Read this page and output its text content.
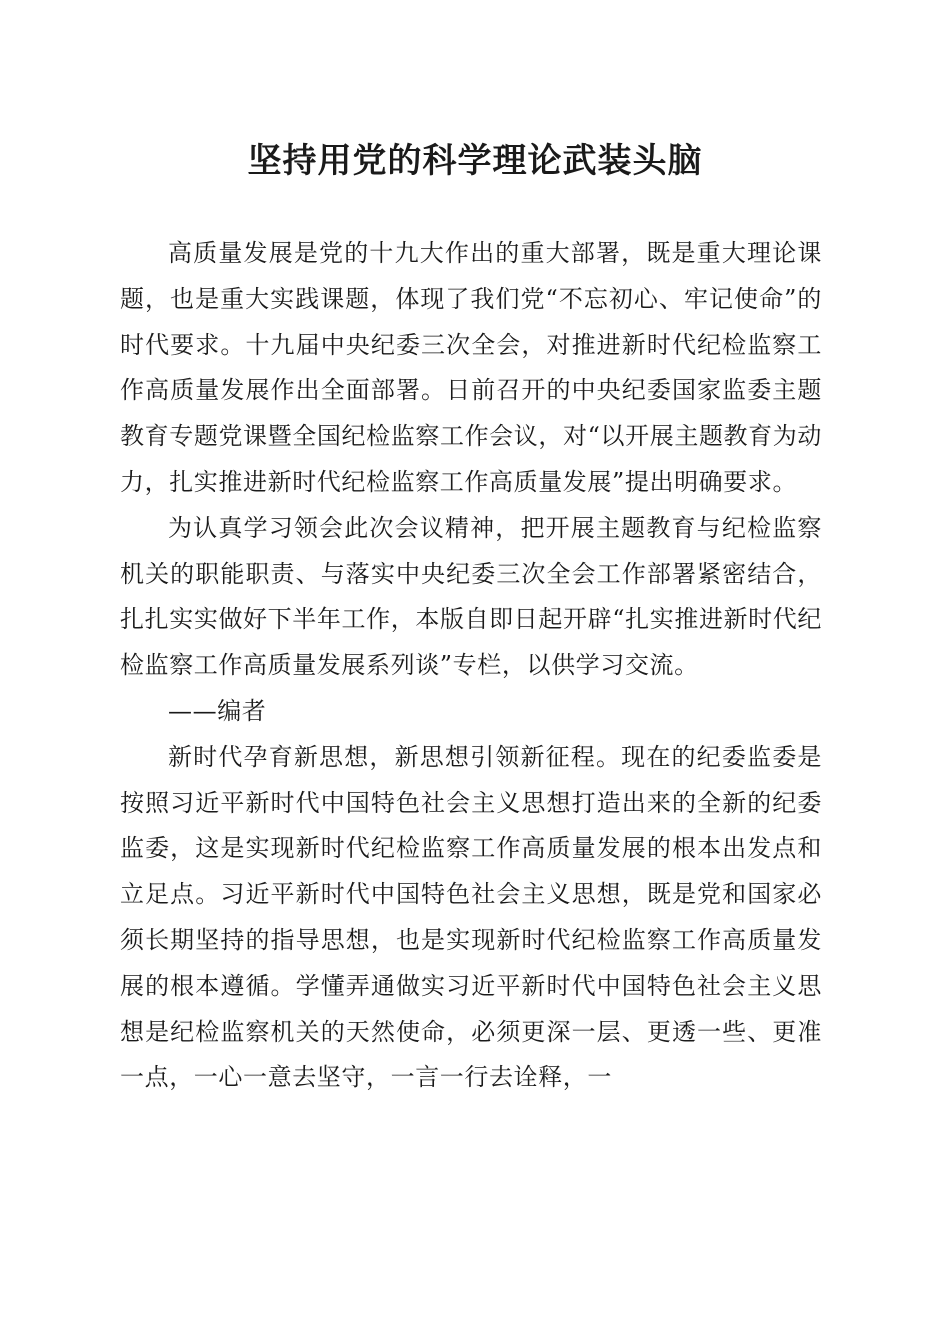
坚持用党的科学理论武装头脑

高质量发展是党的十九大作出的重大部署，既是重大理论课题，也是重大实践课题，体现了我们党“不忘初心、牢记使命”的时代要求。十九届中央纪委三次全会，对推进新时代纪检监察工作高质量发展作出全面部署。日前召开的中央纪委国家监委主题教育专题党课暨全国纪检监察工作会议，对“以开展主题教育为动力，扎实推进新时代纪检监察工作高质量发展”提出明确要求。

为认真学习领会此次会议精神，把开展主题教育与纪检监察机关的职能职责、与落实中央纪委三次全会工作部署紧密结合，扎扎实实做好下半年工作，本版自即日起开辟“扎实推进新时代纪检监察工作高质量发展系列谈”专栏，以供学习交流。

——编者

新时代孕育新思想，新思想引领新征程。现在的纪委监委是按照习近平新时代中国特色社会主义思想打造出来的全新的纪委监委，这是实现新时代纪检监察工作高质量发展的根本出发点和立足点。习近平新时代中国特色社会主义思想，既是党和国家必须长期坚持的指导思想，也是实现新时代纪检监察工作高质量发展的根本遵循。学懂弄通做实习近平新时代中国特色社会主义思想是纪检监察机关的天然使命，必须更深一层、更透一些、更准一点，一心一意去坚守，一言一行去诠释，一
